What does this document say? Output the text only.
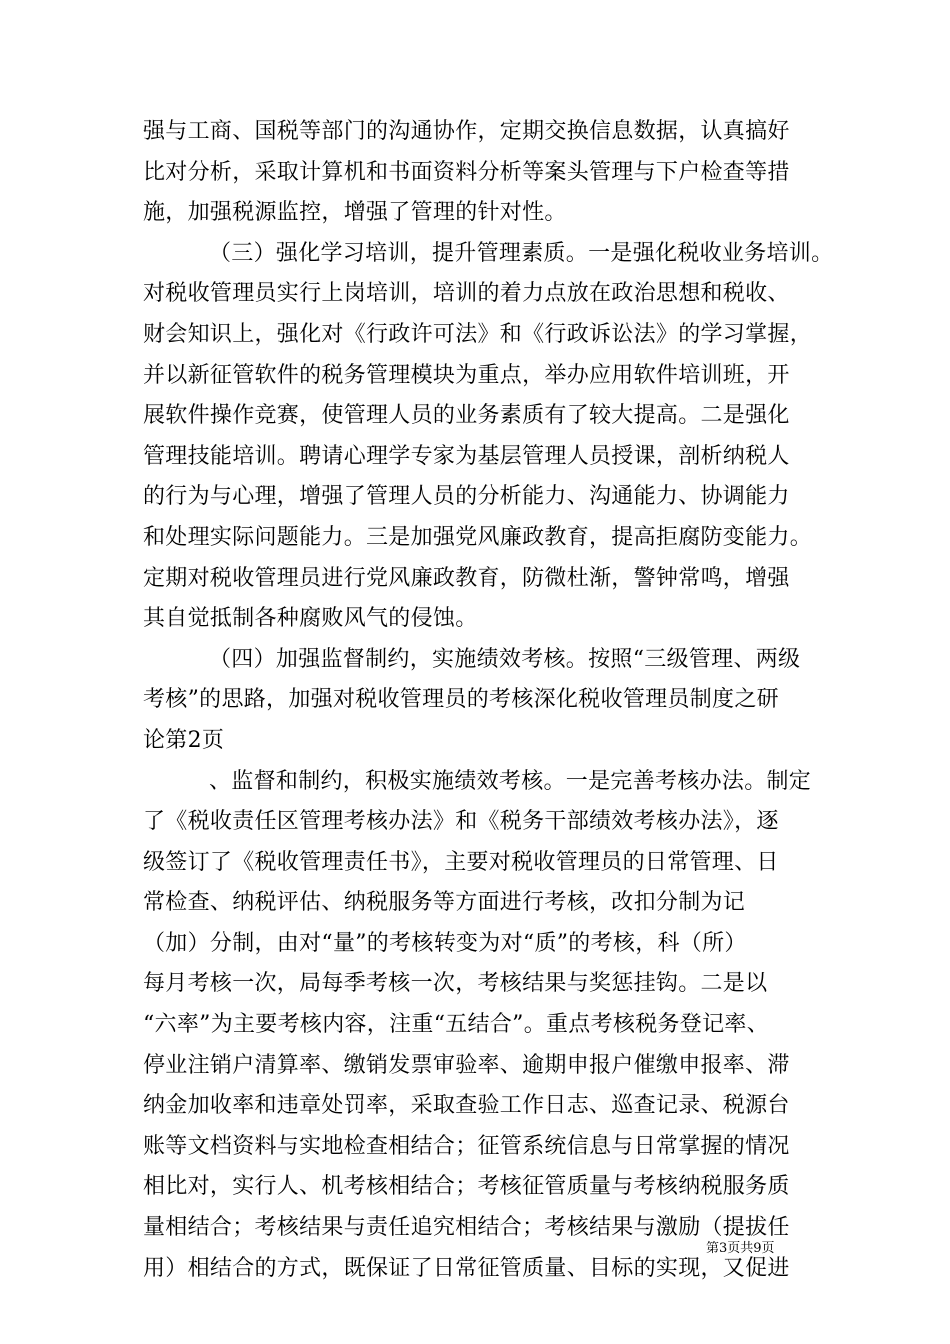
强与工商、国税等部门的沟通协作，定期交换信息数据，认真搞好
比对分析，采取计算机和书面资料分析等案头管理与下户检查等措
施，加强税源监控，增强了管理的针对性。
（三）强化学习培训，提升管理素质。一是强化税收业务培训。
对税收管理员实行上岗培训，培训的着力点放在政治思想和税收、
财会知识上，强化对《行政许可法》和《行政诉讼法》的学习掌握，
并以新征管软件的税务管理模块为重点，举办应用软件培训班，开
展软件操作竞赛，使管理人员的业务素质有了较大提高。二是强化
管理技能培训。聘请心理学专家为基层管理人员授课，剖析纳税人
的行为与心理，增强了管理人员的分析能力、沟通能力、协调能力
和处理实际问题能力。三是加强党风廉政教育，提高拒腐防变能力。
定期对税收管理员进行党风廉政教育，防微杜渐，警钟常鸣，增强
其自觉抵制各种腐败风气的侵蚀。
（四）加强监督制约，实施绩效考核。按照“三级管理、两级
考核”的思路，加强对税收管理员的考核深化税收管理员制度之研
论第2页
、监督和制约，积极实施绩效考核。一是完善考核办法。制定
了《税收责任区管理考核办法》和《税务干部绩效考核办法》，逐
级签订了《税收管理责任书》，主要对税收管理员的日常管理、日
常检查、纳税评估、纳税服务等方面进行考核，改扣分制为记
（加）分制，由对“量”的考核转变为对“质”的考核，科（所）
每月考核一次，局每季考核一次，考核结果与奖惩挂钩。二是以
“六率”为主要考核内容，注重“五结合”。重点考核税务登记率、
停业注销户清算率、缴销发票审验率、逾期申报户催缴申报率、滞
纳金加收率和违章处罚率，采取查验工作日志、巡查记录、税源台
账等文档资料与实地检查相结合；征管系统信息与日常掌握的情况
相比对，实行人、机考核相结合；考核征管质量与考核纳税服务质
量相结合；考核结果与责任追究相结合；考核结果与激励（提拔任
用）相结合的方式，既保证了日常征管质量、目标的实现，又促进
第3页共9页
